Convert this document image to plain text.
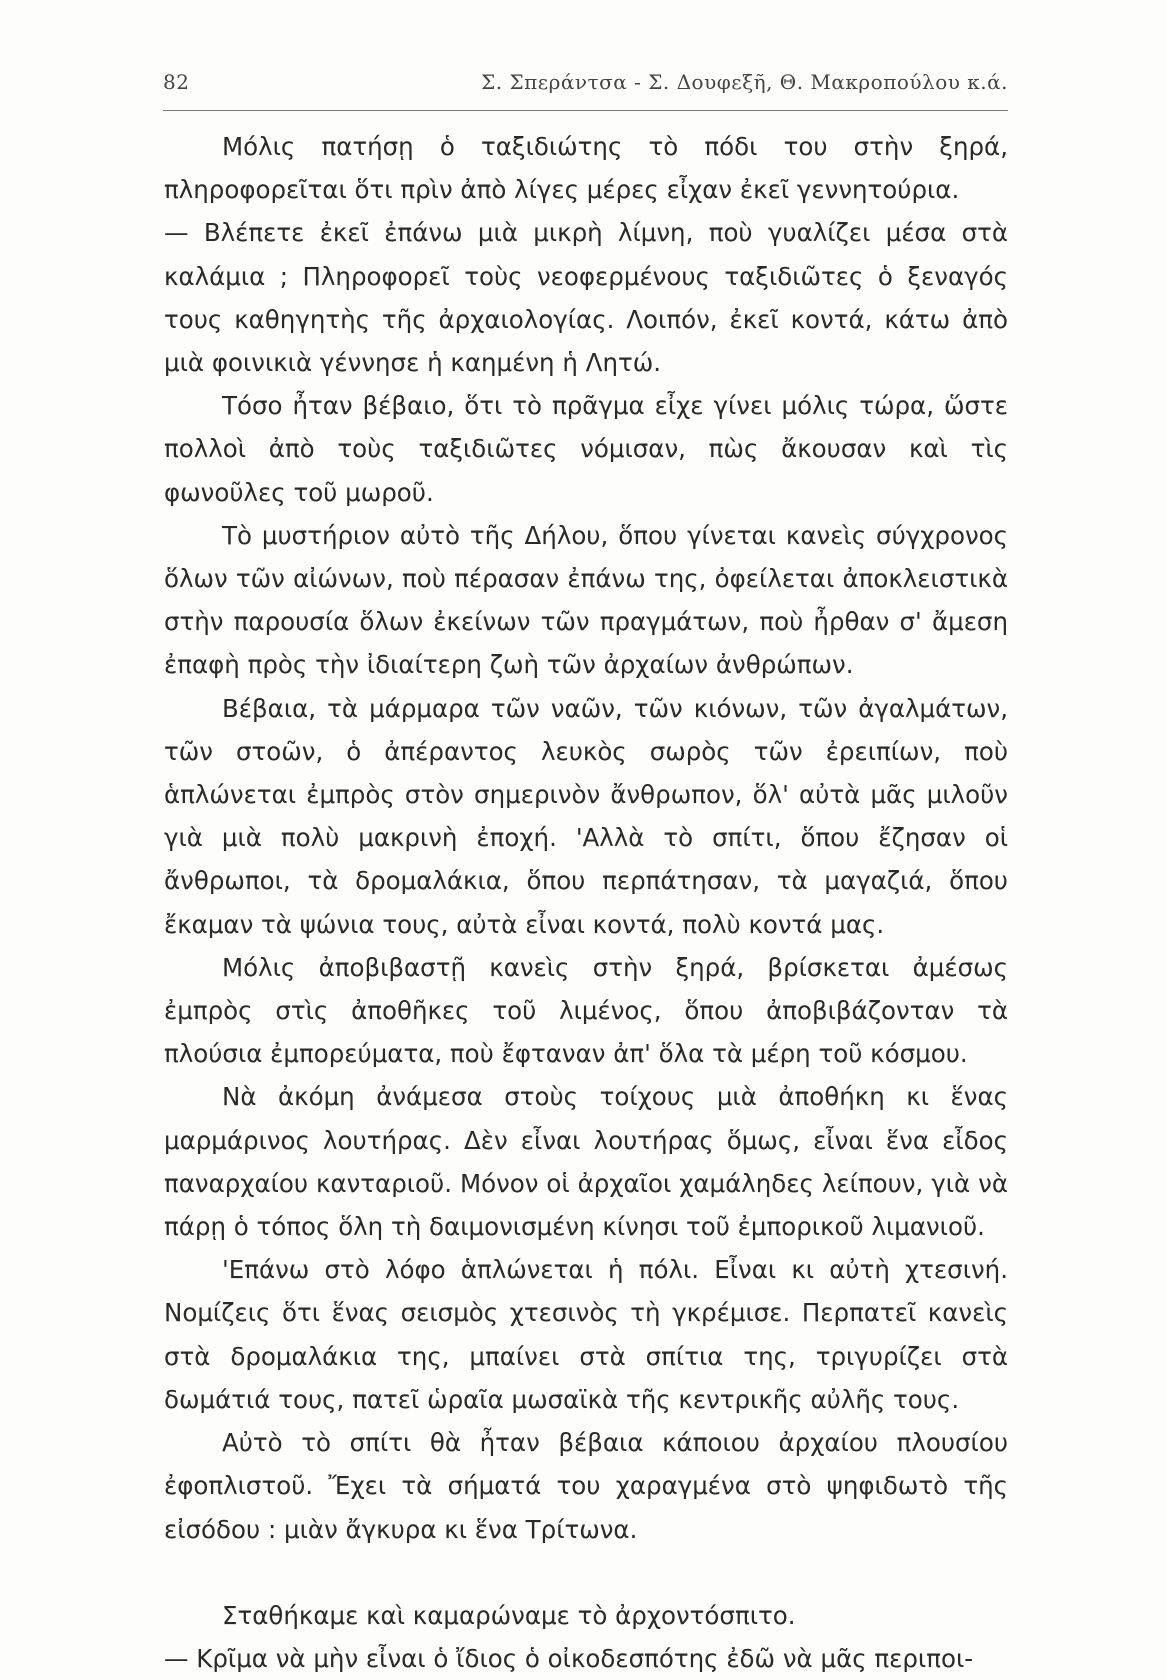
82	Σ. Σπεράντσα - Σ. Δουφεξῆ, Θ. Μακροπούλου κ.ά.

Μόλις πατήσῃ ὁ ταξιδιώτης τὸ πόδι του στὴν ξηρά, πληροφορεῖται ὅτι πρὶν ἀπὸ λίγες μέρες εἶχαν ἐκεῖ γεννητούρια.

— Βλέπετε ἐκεῖ ἐπάνω μιὰ μικρὴ λίμνη, ποὺ γυαλίζει μέσα στὰ καλάμια ; Πληροφορεῖ τοὺς νεοφερμένους ταξιδιῶτες ὁ ξεναγός τους καθηγητὴς τῆς ἀρχαιολογίας. Λοιπόν, ἐκεῖ κοντά, κάτω ἀπὸ μιὰ φοινικιὰ γέννησε ἡ καημένη ἡ Λητώ.

Τόσο ἦταν βέβαιο, ὅτι τὸ πρᾶγμα εἶχε γίνει μόλις τώρα, ὥστε πολλοὶ ἀπὸ τοὺς ταξιδιῶτες νόμισαν, πὼς ἄκουσαν καὶ τὶς φωνοῦλες τοῦ μωροῦ.

Τὸ μυστήριον αὐτὸ τῆς Δήλου, ὅπου γίνεται κανεὶς σύγχρονος ὅλων τῶν αἰώνων, ποὺ πέρασαν ἐπάνω της, ὀφείλεται ἀποκλειστικὰ στὴν παρουσία ὅλων ἐκείνων τῶν πραγμάτων, ποὺ ἦρθαν σ' ἄμεση ἐπαφὴ πρὸς τὴν ἰδιαίτερη ζωὴ τῶν ἀρχαίων ἀνθρώπων.

Βέβαια, τὰ μάρμαρα τῶν ναῶν, τῶν κιόνων, τῶν ἀγαλμάτων, τῶν στοῶν, ὁ ἀπέραντος λευκὸς σωρὸς τῶν ἐρειπίων, ποὺ ἁπλώνεται ἐμπρὸς στὸν σημερινὸν ἄνθρωπον, ὅλ' αὐτὰ μᾶς μιλοῦν γιὰ μιὰ πολὺ μακρινὴ ἐποχή. 'Αλλὰ τὸ σπίτι, ὅπου ἔζησαν οἱ ἄνθρωποι, τὰ δρομαλάκια, ὅπου περπάτησαν, τὰ μαγαζιά, ὅπου ἔκαμαν τὰ ψώνια τους, αὐτὰ εἶναι κοντά, πολὺ κοντά μας.

Μόλις ἀποβιβαστῇ κανεὶς στὴν ξηρά, βρίσκεται ἀμέσως ἐμπρὸς στὶς ἀποθῆκες τοῦ λιμένος, ὅπου ἀποβιβάζονταν τὰ πλούσια ἐμπορεύματα, ποὺ ἔφταναν ἀπ' ὅλα τὰ μέρη τοῦ κόσμου.

Νὰ ἀκόμη ἀνάμεσα στοὺς τοίχους μιὰ ἀποθήκη κι ἕνας μαρμάρινος λουτήρας. Δὲν εἶναι λουτήρας ὅμως, εἶναι ἕνα εἶδος παναρχαίου κανταριοῦ. Μόνον οἱ ἀρχαῖοι χαμάληδες λείπουν, γιὰ νὰ πάρῃ ὁ τόπος ὅλη τὴ δαιμονισμένη κίνησι τοῦ ἐμπορικοῦ λιμανιοῦ.

'Επάνω στὸ λόφο ἁπλώνεται ἡ πόλι. Εἶναι κι αὐτὴ χτεσινή. Νομίζεις ὅτι ἕνας σεισμὸς χτεσινὸς τὴ γκρέμισε. Περπατεῖ κανεὶς στὰ δρομαλάκια της, μπαίνει στὰ σπίτια της, τριγυρίζει στὰ δωμάτιά τους, πατεῖ ὡραῖα μωσαϊκὰ τῆς κεντρικῆς αὐλῆς τους.

Αὐτὸ τὸ σπίτι θὰ ἦταν βέβαια κάποιου ἀρχαίου πλουσίου ἐφοπλιστοῦ. Ἔχει τὰ σήματά του χαραγμένα στὸ ψηφιδωτὸ τῆς εἰσόδου : μιὰν ἄγκυρα κι ἕνα Τρίτωνα.

Σταθήκαμε καὶ καμαρώναμε τὸ ἀρχοντόσπιτο.

— Κρῖμα νὰ μὴν εἶναι ὁ ἴδιος ὁ οἰκοδεσπότης ἐδῶ νὰ μᾶς περιποι-
